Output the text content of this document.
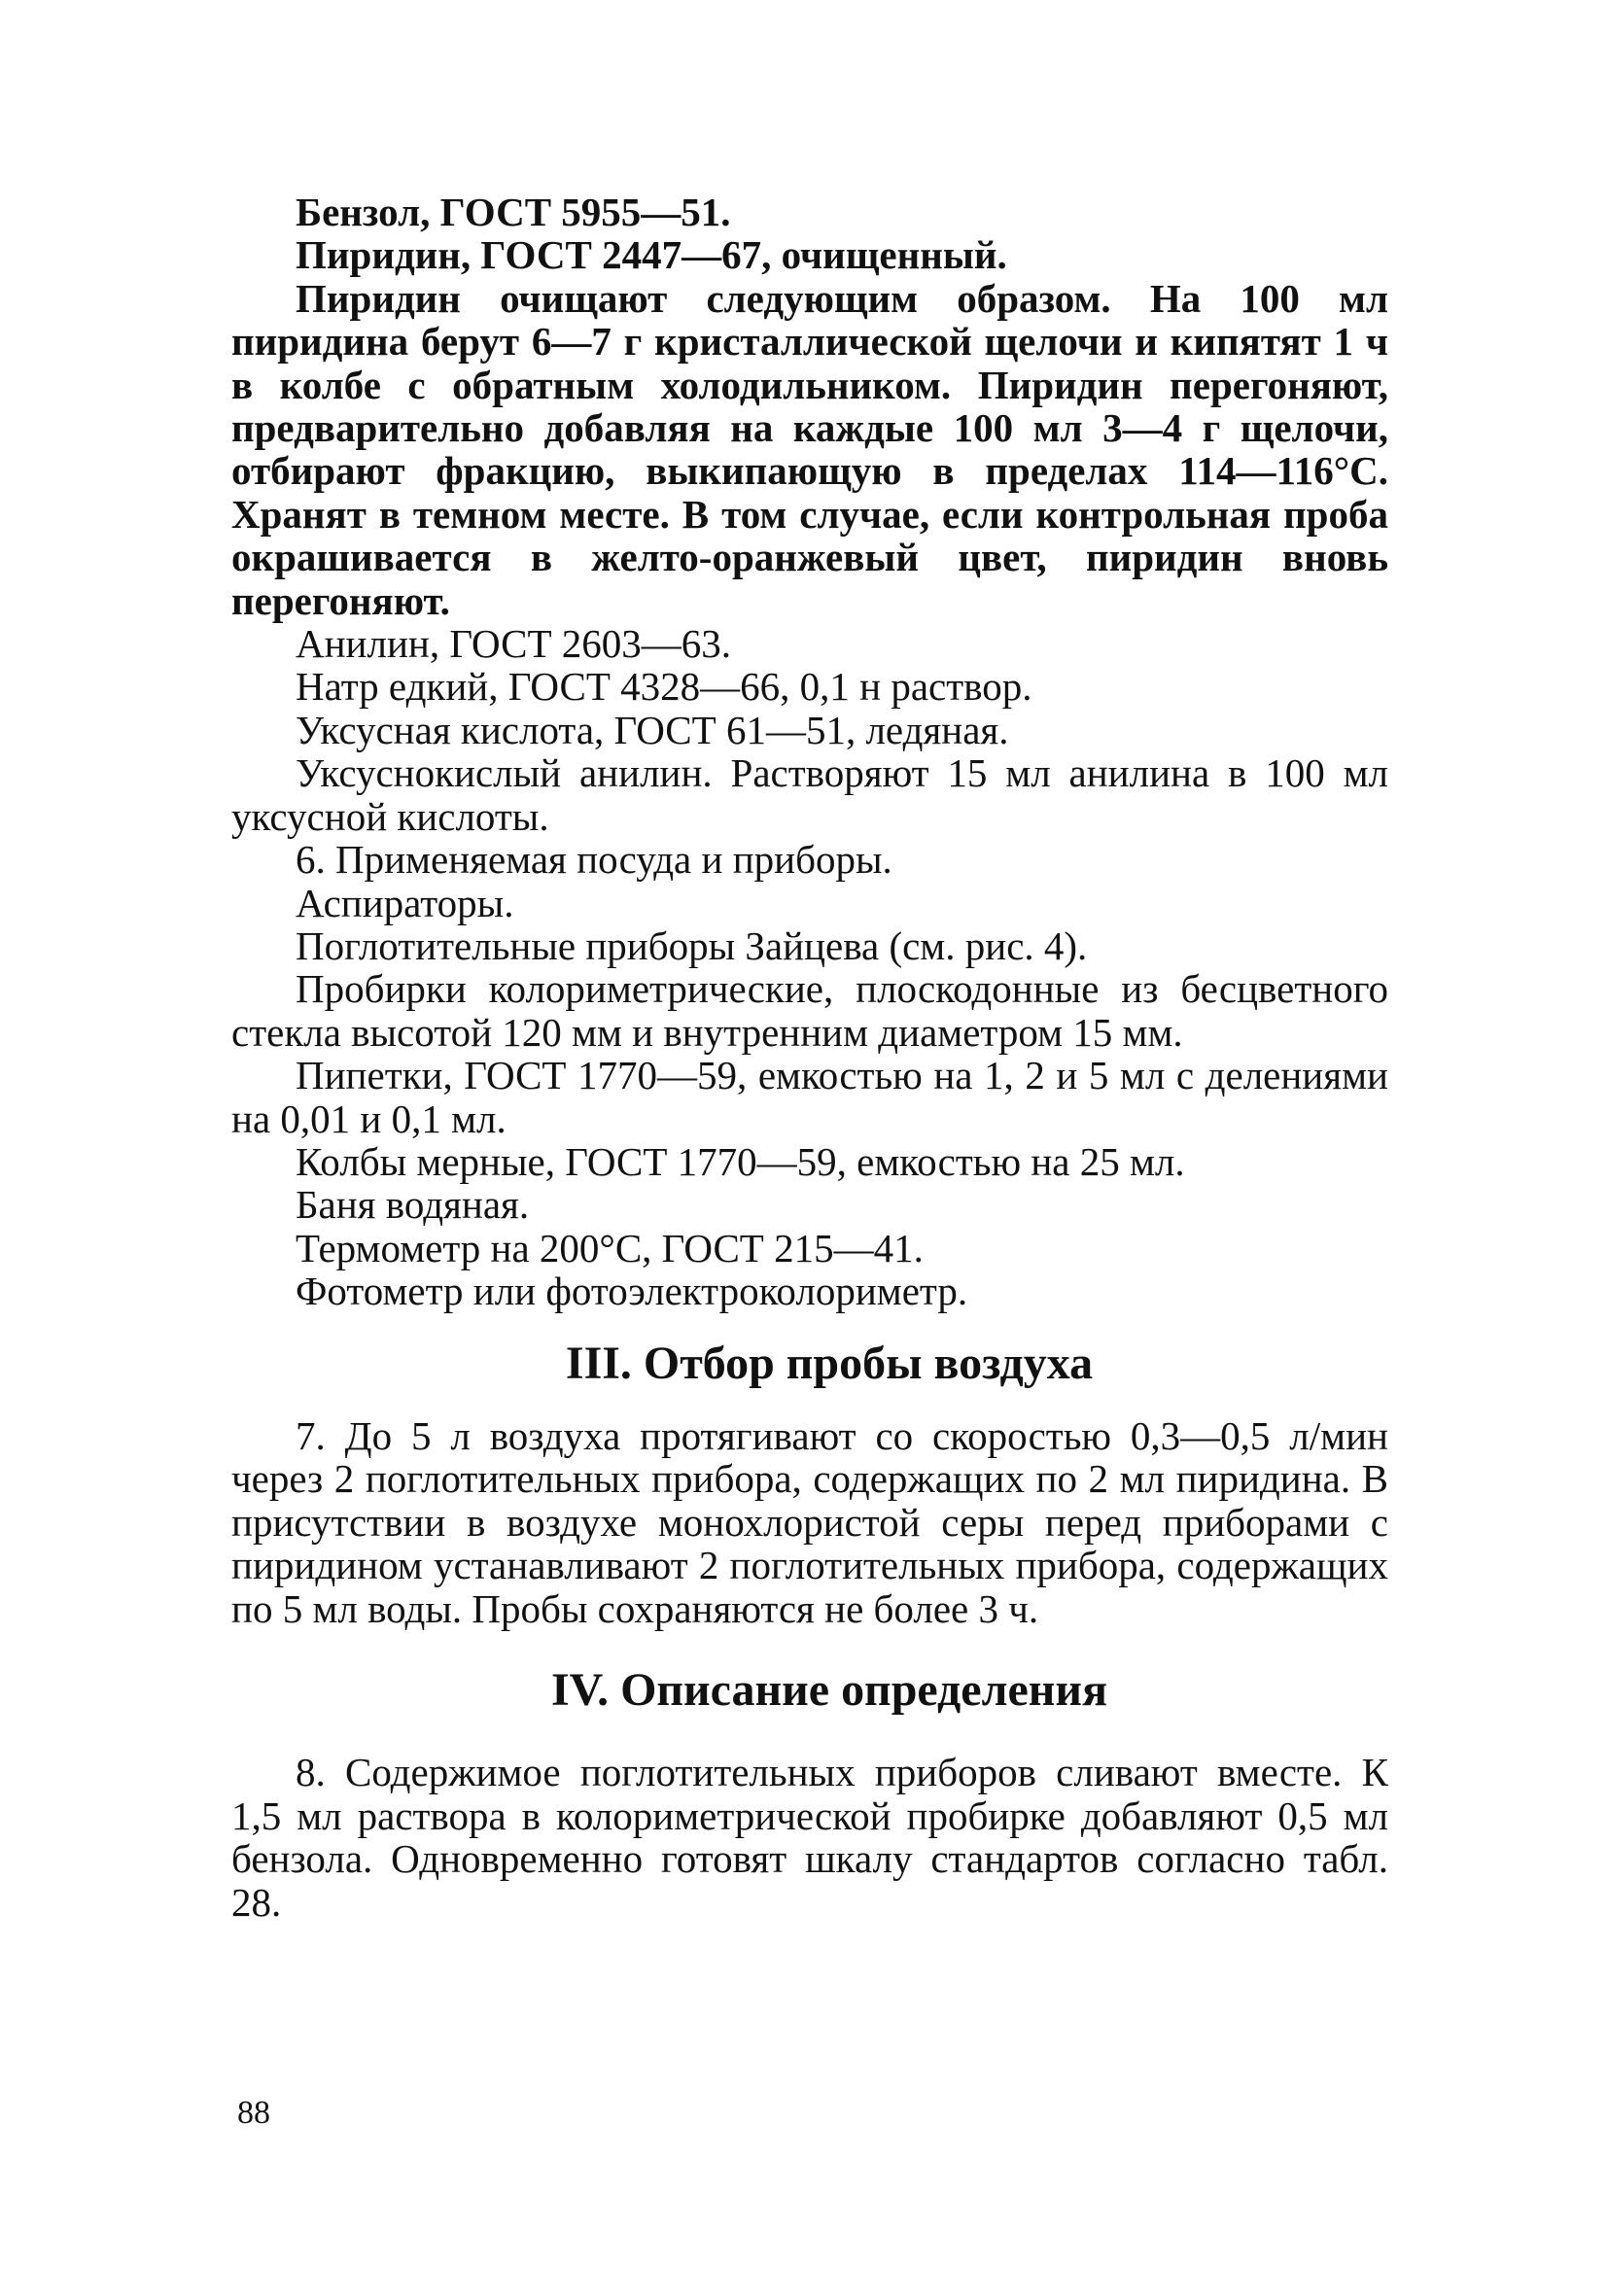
Бензол, ГОСТ 5955—51.

Пиридин, ГОСТ 2447—67, очищенный.

Пиридин очищают следующим образом. На 100 мл пиридина берут 6—7 г кристаллической щелочи и кипятят 1 ч в колбе с обратным холодильником. Пиридин перегоняют, предварительно добавляя на каждые 100 мл 3—4 г щелочи, отбирают фракцию, выкипающую в пределах 114—116°С. Хранят в темном месте. В том случае, если контрольная проба окрашивается в желто-оранжевый цвет, пиридин вновь перегоняют.

Анилин, ГОСТ 2603—63.

Натр едкий, ГОСТ 4328—66, 0,1 н раствор.

Уксусная кислота, ГОСТ 61—51, ледяная.

Уксуснокислый анилин. Растворяют 15 мл анилина в 100 мл уксусной кислоты.

6. Применяемая посуда и приборы.

Аспираторы.

Поглотительные приборы Зайцева (см. рис. 4).

Пробирки колориметрические, плоскодонные из бесцветного стекла высотой 120 мм и внутренним диаметром 15 мм.

Пипетки, ГОСТ 1770—59, емкостью на 1, 2 и 5 мл с делениями на 0,01 и 0,1 мл.

Колбы мерные, ГОСТ 1770—59, емкостью на 25 мл.

Баня водяная.

Термометр на 200°С, ГОСТ 215—41.

Фотометр или фотоэлектроколориметр.

III. Отбор пробы воздуха

7. До 5 л воздуха протягивают со скоростью 0,3—0,5 л/мин через 2 поглотительных прибора, содержащих по 2 мл пиридина. В присутствии в воздухе монохлористой серы перед приборами с пиридином устанавливают 2 поглотительных прибора, содержащих по 5 мл воды. Пробы сохраняются не более 3 ч.

IV. Описание определения

8. Содержимое поглотительных приборов сливают вместе. К 1,5 мл раствора в колориметрической пробирке добавляют 0,5 мл бензола. Одновременно готовят шкалу стандартов согласно табл. 28.

88
